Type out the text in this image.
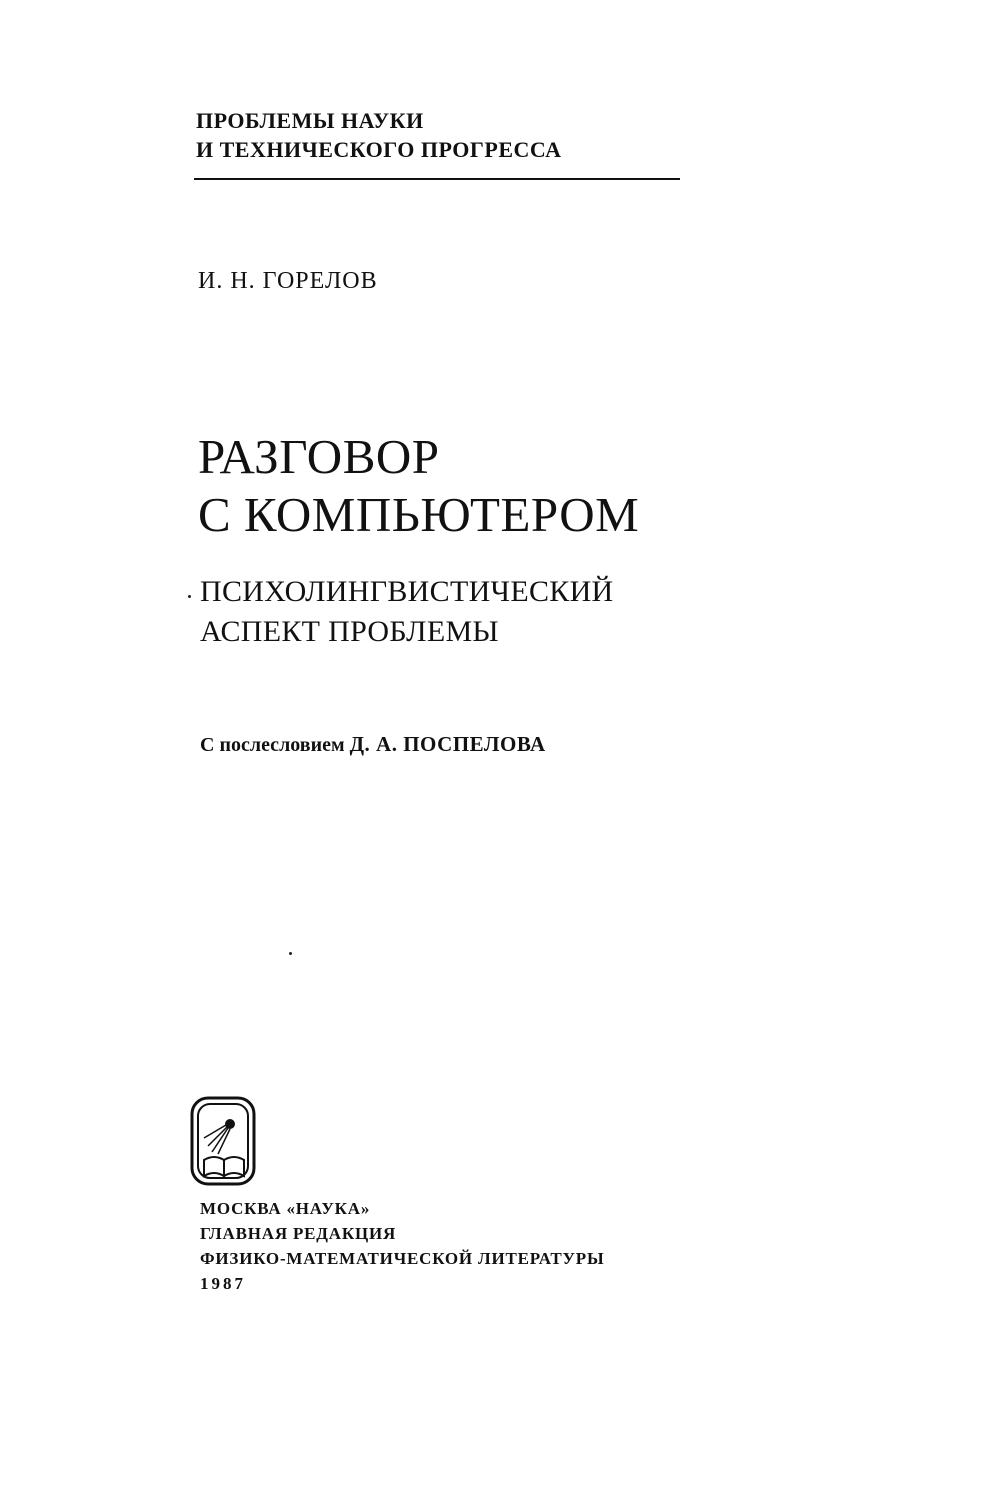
ПРОБЛЕМЫ НАУКИ
И ТЕХНИЧЕСКОГО ПРОГРЕССА
И. Н. ГОРЕЛОВ
РАЗГОВОР
С КОМПЬЮТЕРОМ
ПСИХОЛИНГВИСТИЧЕСКИЙ
АСПЕКТ ПРОБЛЕМЫ
С послесловием Д. А. ПОСПЕЛОВА
МОСКВА «НАУКА»
ГЛАВНАЯ РЕДАКЦИЯ
ФИЗИКО-МАТЕМАТИЧЕСКОЙ ЛИТЕРАТУРЫ
1987
